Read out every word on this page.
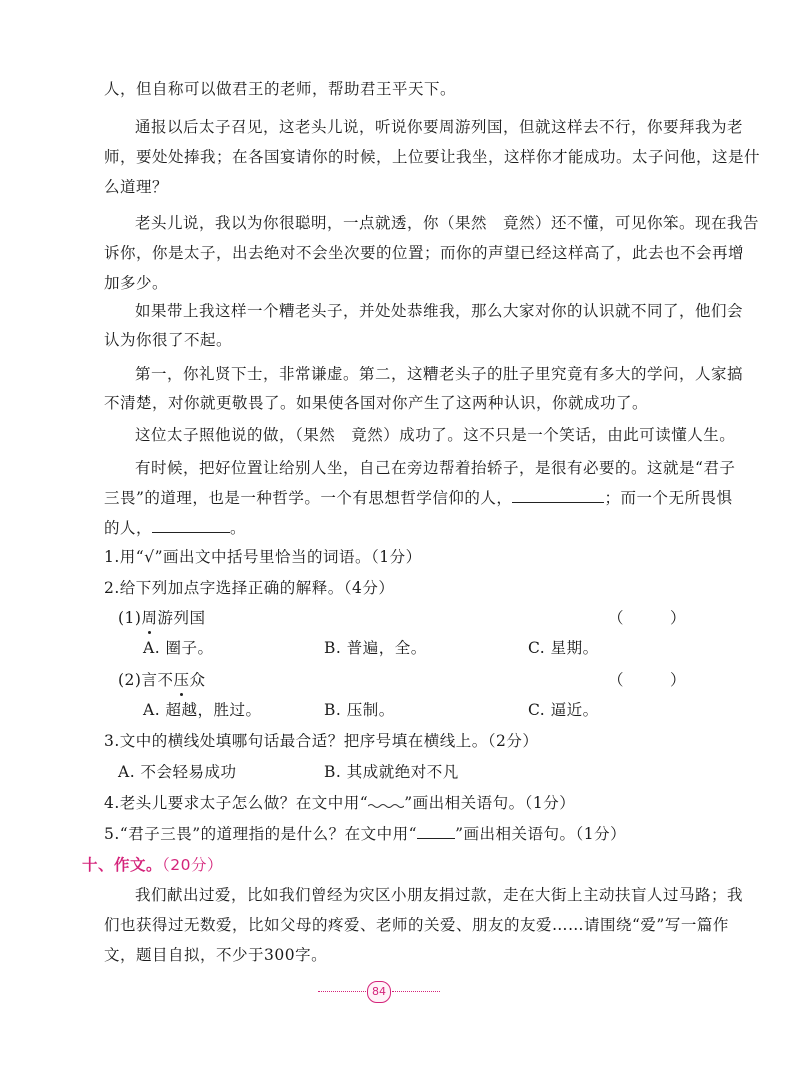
人，但自称可以做君王的老师，帮助君王平天下。
通报以后太子召见，这老头儿说，听说你要周游列国，但就这样去不行，你要拜我为老
师，要处处捧我；在各国宴请你的时候，上位要让我坐，这样你才能成功。太子问他，这是什
么道理？
老头儿说，我以为你很聪明，一点就透，你（果然　竟然）还不懂，可见你笨。现在我告
诉你，你是太子，出去绝对不会坐次要的位置；而你的声望已经这样高了，此去也不会再增
加多少。
如果带上我这样一个糟老头子，并处处恭维我，那么大家对你的认识就不同了，他们会
认为你很了不起。
第一，你礼贤下士，非常谦虚。第二，这糟老头子的肚子里究竟有多大的学问，人家搞
不清楚，对你就更敬畏了。如果使各国对你产生了这两种认识，你就成功了。
这位太子照他说的做，（果然　竟然）成功了。这不只是一个笑话，由此可读懂人生。
有时候，把好位置让给别人坐，自己在旁边帮着抬轿子，是很有必要的。这就是“君子
三畏”的道理，也是一种哲学。一个有思想哲学信仰的人，	；而一个无所畏惧
的人，	。
1.用“√”画出文中括号里恰当的词语。（1分）
2.给下列加点字选择正确的解释。（4分）
(1)周游列国	（　　　）
A. 圈子。	B. 普遍，全。	C. 星期。
(2)言不压众	（　　　）
A. 超越，胜过。	B. 压制。	C. 逼近。
3.文中的横线处填哪句话最合适？把序号填在横线上。（2分）
A. 不会轻易成功	B. 其成就绝对不凡
4.老头儿要求太子怎么做？在文中用“ ”画出相关语句。（1分）
5.“君子三畏”的道理指的是什么？在文中用“ ”画出相关语句。（1分）
十、作文。（20分）
我们献出过爱，比如我们曾经为灾区小朋友捐过款，走在大街上主动扶盲人过马路；我
们也获得过无数爱，比如父母的疼爱、老师的关爱、朋友的友爱……请围绕“爱”写一篇作
文，题目自拟，不少于300字。
84
